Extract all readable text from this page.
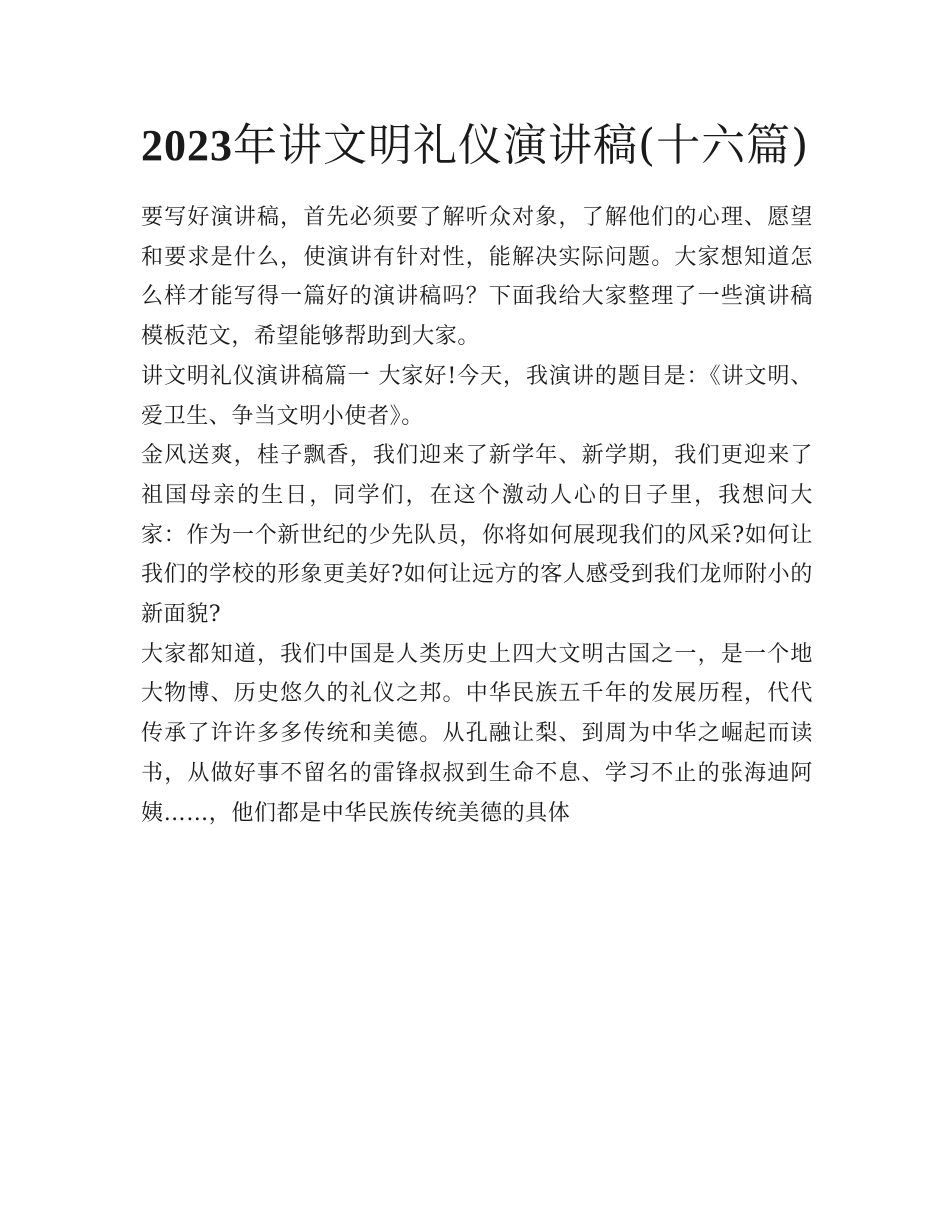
2023年讲文明礼仪演讲稿(十六篇)

要写好演讲稿，首先必须要了解听众对象，了解他们的心理、愿望和要求是什么，使演讲有针对性，能解决实际问题。大家想知道怎么样才能写得一篇好的演讲稿吗？下面我给大家整理了一些演讲稿模板范文，希望能够帮助到大家。

讲文明礼仪演讲稿篇一 大家好!今天，我演讲的题目是：《讲文明、爱卫生、争当文明小使者》。

金风送爽，桂子飘香，我们迎来了新学年、新学期，我们更迎来了祖国母亲的生日，同学们，在这个激动人心的日子里，我想问大家：作为一个新世纪的少先队员，你将如何展现我们的风采?如何让我们的学校的形象更美好?如何让远方的客人感受到我们龙师附小的新面貌?

大家都知道，我们中国是人类历史上四大文明古国之一，是一个地大物博、历史悠久的礼仪之邦。中华民族五千年的发展历程，代代传承了许许多多传统和美德。从孔融让梨、到周为中华之崛起而读书，从做好事不留名的雷锋叔叔到生命不息、学习不止的张海迪阿姨……，他们都是中华民族传统美德的具体
